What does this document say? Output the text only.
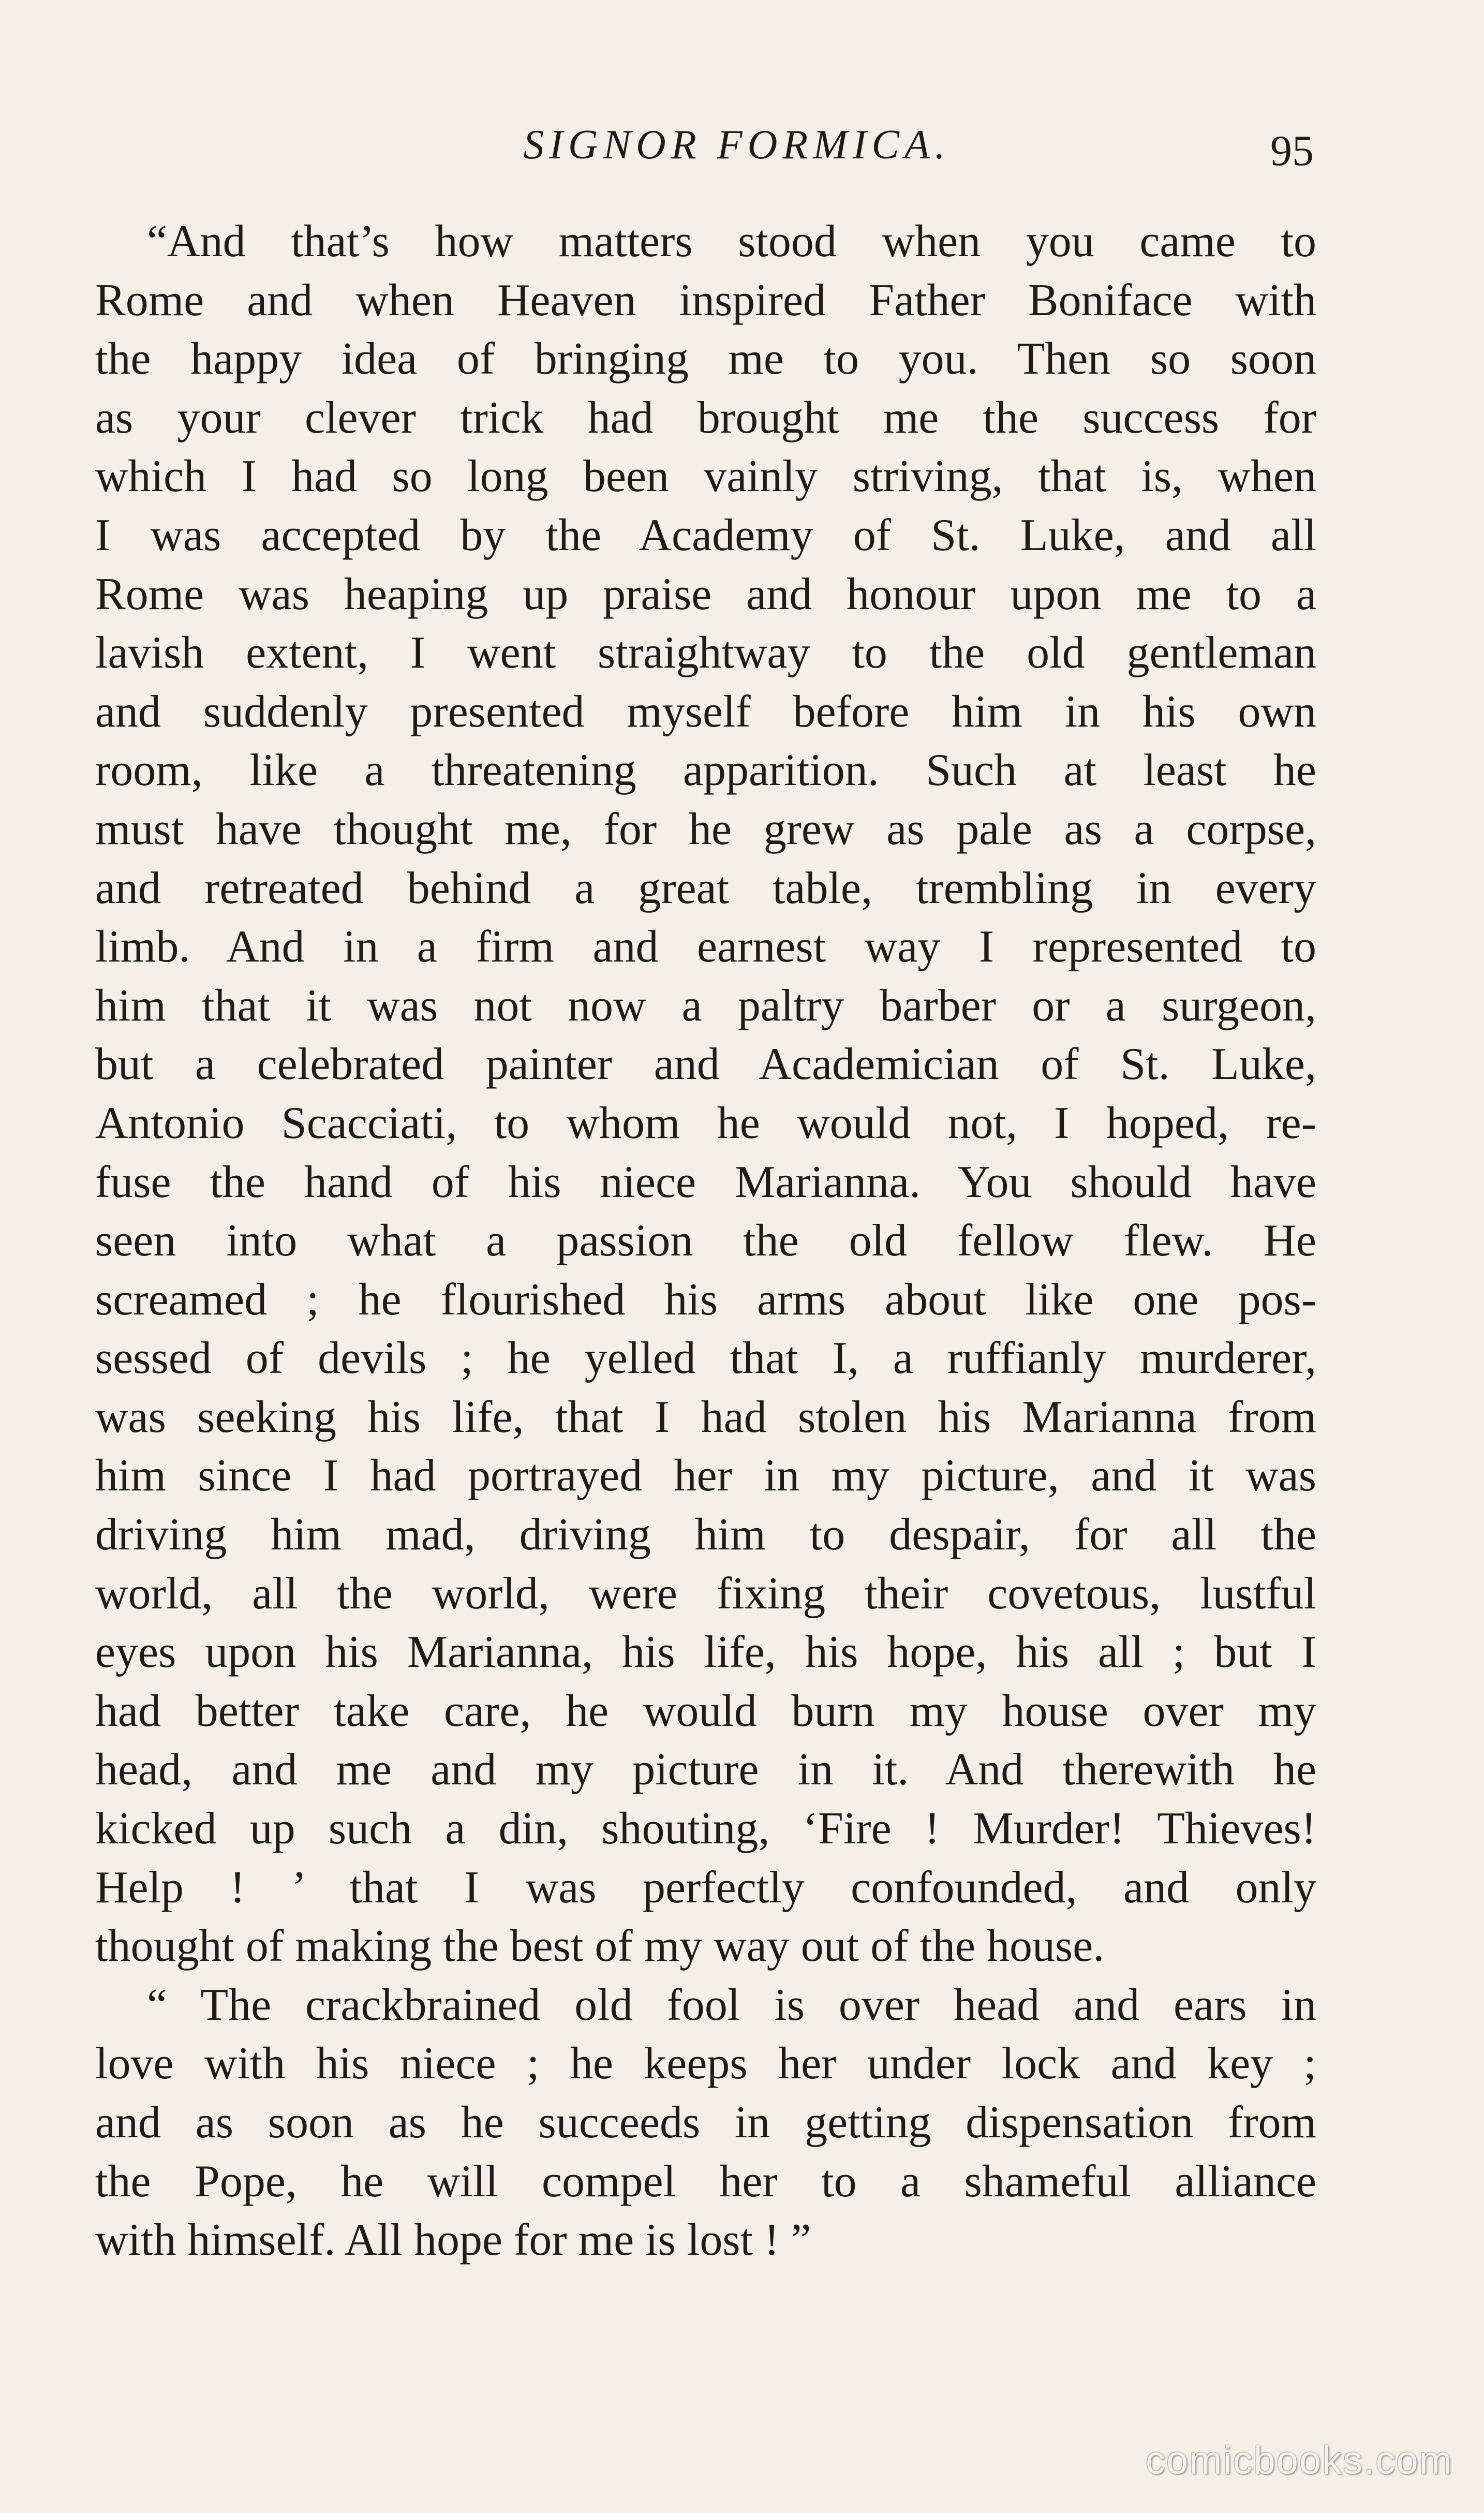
SIGNOR FORMICA.	95
“And that’s how matters stood when you came to
Rome and when Heaven inspired Father Boniface with
the happy idea of bringing me to you. Then so soon
as your clever trick had brought me the success for
which I had so long been vainly striving, that is, when
I was accepted by the Academy of St. Luke, and all
Rome was heaping up praise and honour upon me to a
lavish extent, I went straightway to the old gentleman
and suddenly presented myself before him in his own
room, like a threatening apparition. Such at least he
must have thought me, for he grew as pale as a corpse,
and retreated behind a great table, trembling in every
limb. And in a firm and earnest way I represented to
him that it was not now a paltry barber or a surgeon,
but a celebrated painter and Academician of St. Luke,
Antonio Scacciati, to whom he would not, I hoped, re-
fuse the hand of his niece Marianna. You should have
seen into what a passion the old fellow flew. He
screamed ; he flourished his arms about like one pos-
sessed of devils ; he yelled that I, a ruffianly murderer,
was seeking his life, that I had stolen his Marianna from
him since I had portrayed her in my picture, and it was
driving him mad, driving him to despair, for all the
world, all the world, were fixing their covetous, lustful
eyes upon his Marianna, his life, his hope, his all ; but I
had better take care, he would burn my house over my
head, and me and my picture in it. And therewith he
kicked up such a din, shouting, ‘Fire ! Murder! Thieves!
Help ! ’ that I was perfectly confounded, and only
thought of making the best of my way out of the house.
“ The crackbrained old fool is over head and ears in
love with his niece ; he keeps her under lock and key ;
and as soon as he succeeds in getting dispensation from
the Pope, he will compel her to a shameful alliance
with himself. All hope for me is lost ! ”
comicbooks.com
